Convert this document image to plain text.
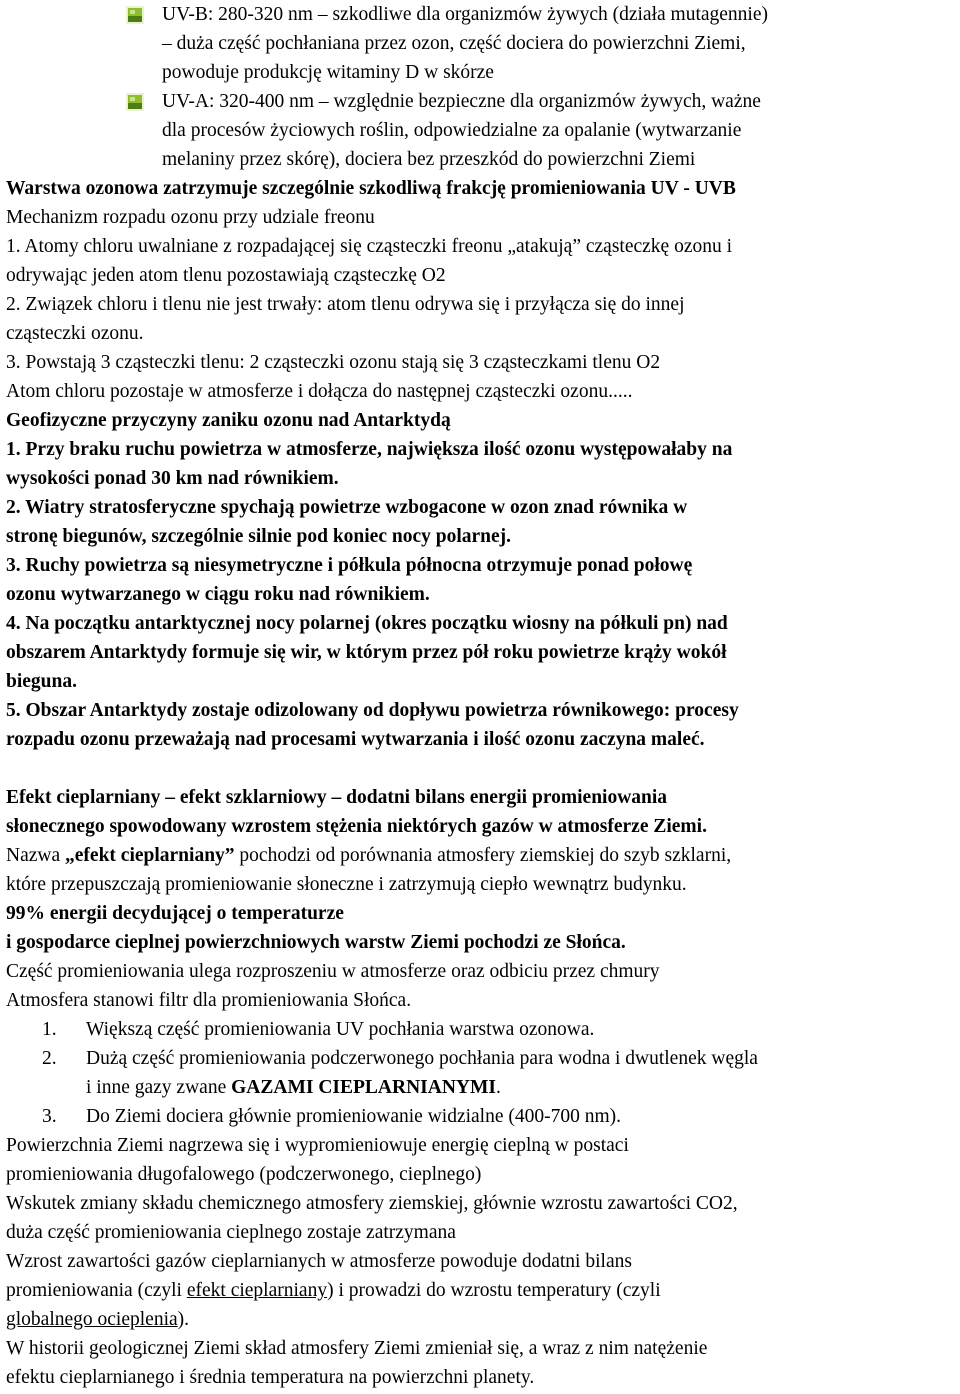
UV-B: 280-320 nm – szkodliwe dla organizmów żywych (działa mutagennie)
– duża część pochłaniana przez ozon, część dociera do powierzchni Ziemi,
powoduje produkcję witaminy D w skórze
UV-A: 320-400 nm – względnie bezpieczne dla organizmów żywych, ważne
dla procesów życiowych roślin, odpowiedzialne za opalanie (wytwarzanie
melaniny przez skórę), dociera bez przeszkód do powierzchni Ziemi
Warstwa ozonowa zatrzymuje szczególnie szkodliwą frakcję promieniowania UV - UVB
Mechanizm rozpadu ozonu przy udziale freonu
1. Atomy chloru uwalniane z rozpadającej się cząsteczki freonu „atakują” cząsteczkę ozonu i
odrywając jeden atom tlenu pozostawiają cząsteczkę O2
2. Związek chloru i tlenu nie jest trwały: atom tlenu odrywa się i przyłącza się do innej
cząsteczki ozonu.
3. Powstają 3 cząsteczki tlenu: 2 cząsteczki ozonu stają się 3 cząsteczkami tlenu O2
Atom chloru pozostaje w atmosferze i dołącza do następnej cząsteczki ozonu.....
Geofizyczne przyczyny zaniku ozonu nad Antarktydą
1. Przy braku ruchu powietrza w atmosferze, największa ilość ozonu występowałaby na
wysokości ponad 30 km nad równikiem.
2. Wiatry stratosferyczne spychają powietrze wzbogacone w ozon znad równika w
stronę biegunów, szczególnie silnie pod koniec nocy polarnej.
3. Ruchy powietrza są niesymetryczne i półkula północna otrzymuje ponad połowę
ozonu wytwarzanego w ciągu roku nad równikiem.
4. Na początku antarktycznej nocy polarnej (okres początku wiosny na półkuli pn) nad
obszarem Antarktydy formuje się wir, w którym przez pół roku powietrze krąży wokół
bieguna.
5. Obszar Antarktydy zostaje odizolowany od dopływu powietrza równikowego: procesy
rozpadu ozonu przeważają nad procesami wytwarzania i ilość ozonu zaczyna maleć.
Efekt cieplarniany – efekt szklarniowy – dodatni bilans energii promieniowania
słonecznego spowodowany wzrostem stężenia niektórych gazów w atmosferze Ziemi.
Nazwa „efekt cieplarniany” pochodzi od porównania atmosfery ziemskiej do szyb szklarni,
które przepuszczają promieniowanie słoneczne i zatrzymują ciepło wewnątrz budynku.
99% energii decydującej o temperaturze
i gospodarce cieplnej powierzchniowych warstw Ziemi pochodzi ze Słońca.
Część promieniowania ulega rozproszeniu w atmosferze oraz odbiciu przez chmury
Atmosfera stanowi filtr dla promieniowania Słońca.
1. Większą część promieniowania UV pochłania warstwa ozonowa.
2. Dużą część promieniowania podczerwonego pochłania para wodna i dwutlenek węgla
i inne gazy zwane GAZAMI CIEPLARNIANYMI.
3. Do Ziemi dociera głównie promieniowanie widzialne (400-700 nm).
Powierzchnia Ziemi nagrzewa się i wypromieniowuje energię cieplną w postaci
promieniowania długofalowego (podczerwonego, cieplnego)
Wskutek zmiany składu chemicznego atmosfery ziemskiej, głównie wzrostu zawartości CO2,
duża część promieniowania cieplnego zostaje zatrzymana
Wzrost zawartości gazów cieplarnianych w atmosferze powoduje dodatni bilans
promieniowania (czyli efekt cieplarniany) i prowadzi do wzrostu temperatury (czyli
globalnego ocieplenia).
W historii geologicznej Ziemi skład atmosfery Ziemi zmieniał się, a wraz z nim natężenie
efektu cieplarnianego i średnia temperatura na powierzchni planety.
